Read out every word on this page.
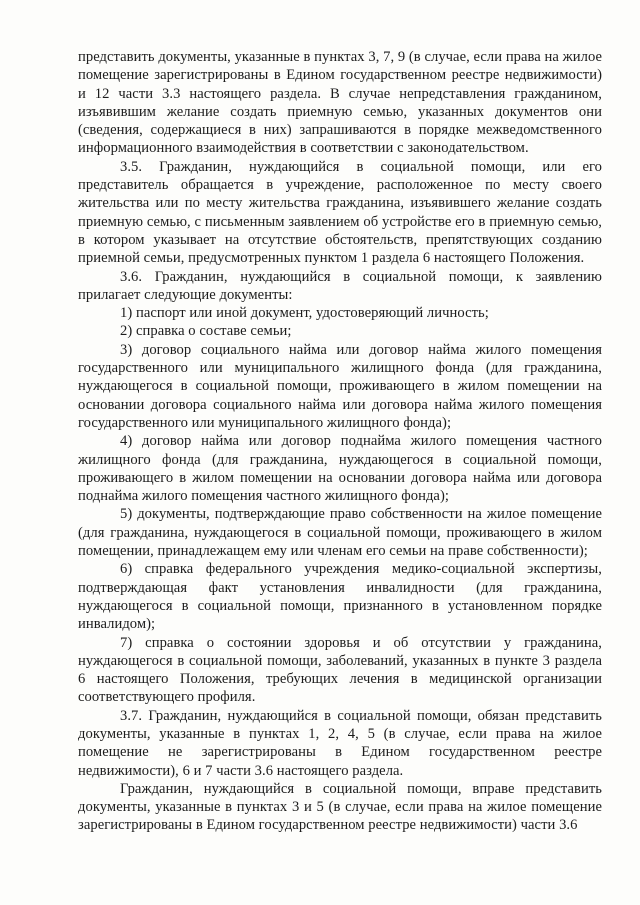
представить документы, указанные в пунктах 3, 7, 9 (в случае, если права на жилое помещение зарегистрированы в Едином государственном реестре недвижимости) и 12 части 3.3 настоящего раздела. В случае непредставления гражданином, изъявившим желание создать приемную семью, указанных документов они (сведения, содержащиеся в них) запрашиваются в порядке межведомственного информационного взаимодействия в соответствии с законодательством.

3.5. Гражданин, нуждающийся в социальной помощи, или его представитель обращается в учреждение, расположенное по месту своего жительства или по месту жительства гражданина, изъявившего желание создать приемную семью, с письменным заявлением об устройстве его в приемную семью, в котором указывает на отсутствие обстоятельств, препятствующих созданию приемной семьи, предусмотренных пунктом 1 раздела 6 настоящего Положения.

3.6. Гражданин, нуждающийся в социальной помощи, к заявлению прилагает следующие документы:

1) паспорт или иной документ, удостоверяющий личность;

2) справка о составе семьи;

3) договор социального найма или договор найма жилого помещения государственного или муниципального жилищного фонда (для гражданина, нуждающегося в социальной помощи, проживающего в жилом помещении на основании договора социального найма или договора найма жилого помещения государственного или муниципального жилищного фонда);

4) договор найма или договор поднайма жилого помещения частного жилищного фонда (для гражданина, нуждающегося в социальной помощи, проживающего в жилом помещении на основании договора найма или договора поднайма жилого помещения частного жилищного фонда);

5) документы, подтверждающие право собственности на жилое помещение (для гражданина, нуждающегося в социальной помощи, проживающего в жилом помещении, принадлежащем ему или членам его семьи на праве собственности);

6) справка федерального учреждения медико-социальной экспертизы, подтверждающая факт установления инвалидности (для гражданина, нуждающегося в социальной помощи, признанного в установленном порядке инвалидом);

7) справка о состоянии здоровья и об отсутствии у гражданина, нуждающегося в социальной помощи, заболеваний, указанных в пункте 3 раздела 6 настоящего Положения, требующих лечения в медицинской организации соответствующего профиля.

3.7. Гражданин, нуждающийся в социальной помощи, обязан представить документы, указанные в пунктах 1, 2, 4, 5 (в случае, если права на жилое помещение не зарегистрированы в Едином государственном реестре недвижимости), 6 и 7 части 3.6 настоящего раздела.

Гражданин, нуждающийся в социальной помощи, вправе представить документы, указанные в пунктах 3 и 5 (в случае, если права на жилое помещение зарегистрированы в Едином государственном реестре недвижимости) части 3.6
